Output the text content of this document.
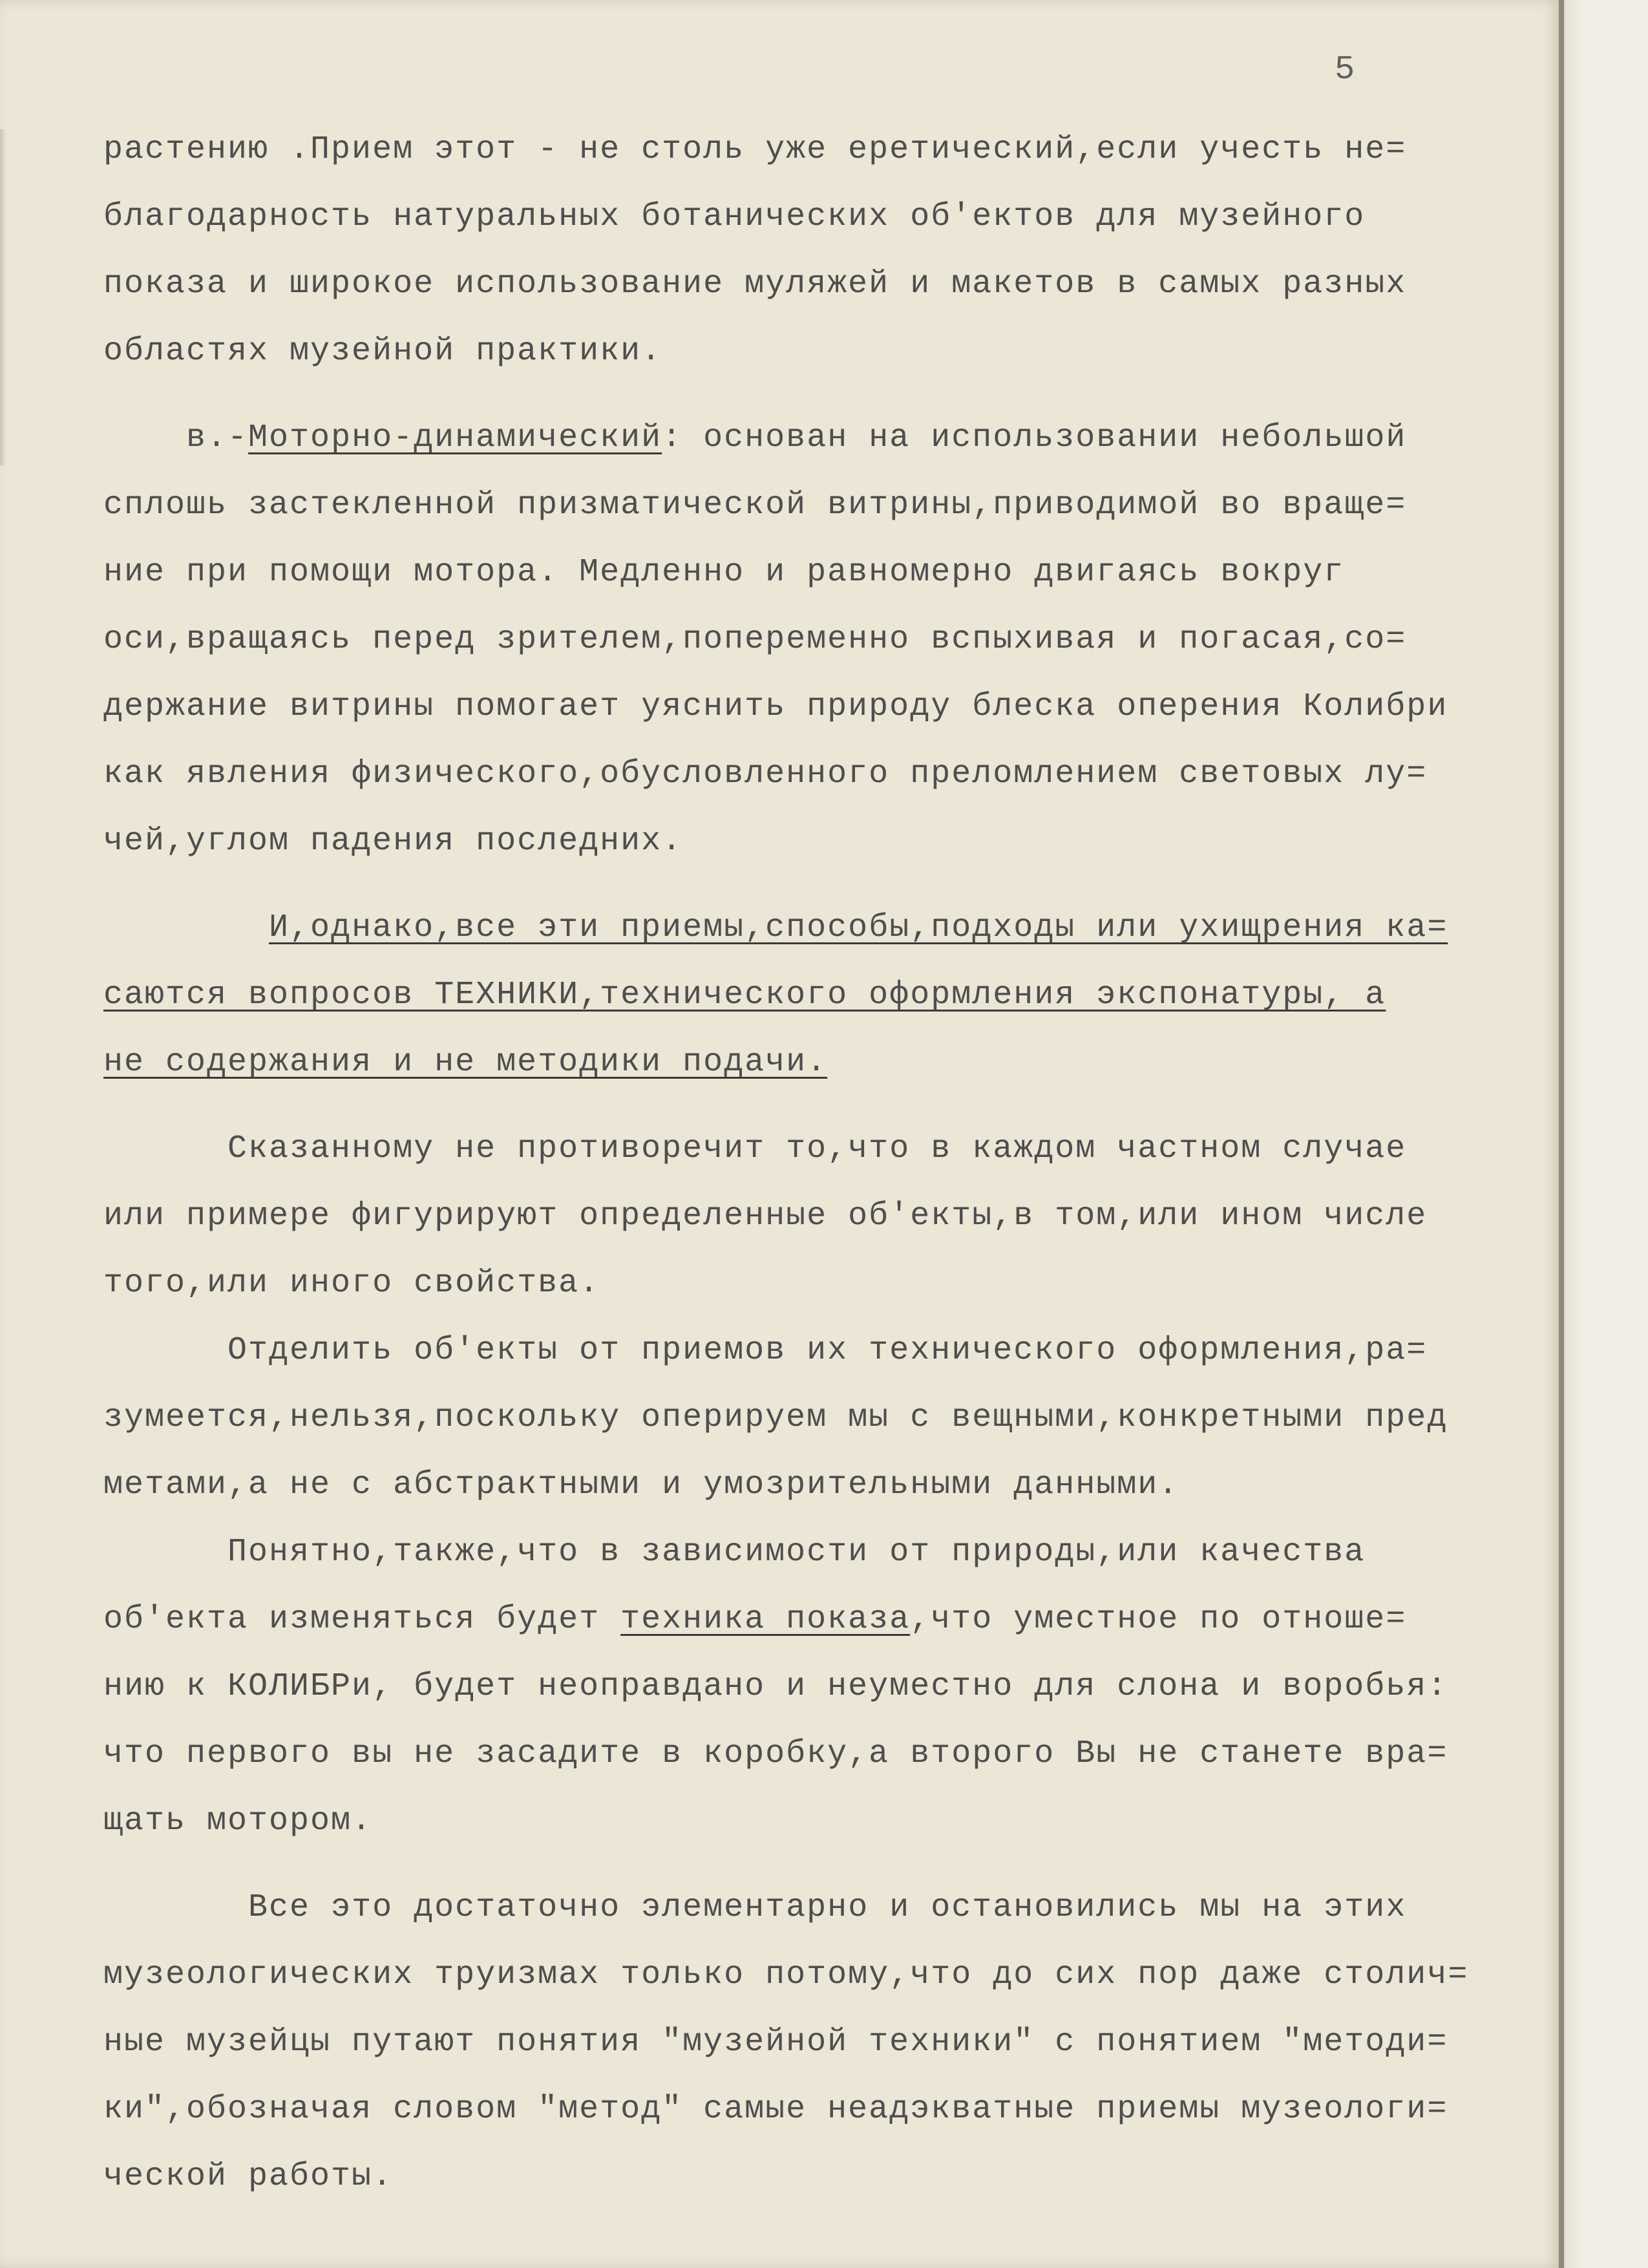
5
растению .Прием этот - не столь уже еретический,если учесть не=
благодарность натуральных ботанических об'ектов для музейного
показа и широкое использование муляжей и макетов в самых разных
областях музейной практики.
в.-Моторно-динамический: основан на использовании небольшой
сплошь застекленной призматической витрины,приводимой во враще=
ние при помощи мотора. Медленно и равномерно двигаясь вокруг
оси,вращаясь перед зрителем,попеременно вспыхивая и погасая,со=
держание витрины помогает уяснить природу блеска оперения Колибри
как явления физического,обусловленного преломлением световых лу=
чей,углом падения последних.
И,однако,все эти приемы,способы,подходы или ухищрения ка=
саются вопросов ТЕХНИКИ,технического оформления экспонатуры, а
не содержания и не методики подачи.
Сказанному не противоречит то,что в каждом частном случае
или примере фигурируют определенные об'екты,в том,или ином числе
того,или иного свойства.
Отделить об'екты от приемов их технического оформления,ра=
зумеется,нельзя,поскольку оперируем мы с вещными,конкретными пред
метами,а не с абстрактными и умозрительными данными.
Понятно,также,что в зависимости от природы,или качества
об'екта изменяться будет техника показа,что уместное по отноше=
нию к КОЛИБРи, будет неоправдано и неуместно для слона и воробья:
что первого вы не засадите в коробку,а второго Вы не станете вра=
щать мотором.
Все это достаточно элементарно и остановились мы на этих
музеологических труизмах только потому,что до сих пор даже столич=
ные музейцы путают понятия "музейной техники" с понятием "методи=
ки",обозначая словом "метод" самые неадэкватные приемы музеологи=
ческой работы.
